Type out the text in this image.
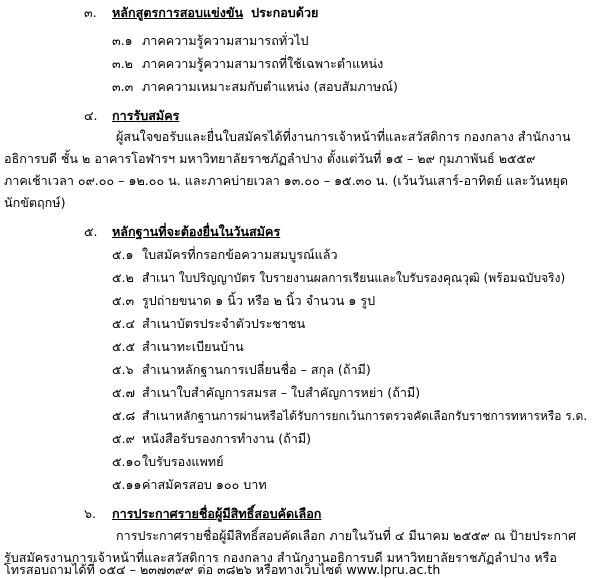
๓. หลักสูตรการสอบแข่งขัน ประกอบด้วย
๓.๑ ภาคความรู้ความสามารถทั่วไป
๓.๒ ภาคความรู้ความสามารถที่ใช้เฉพาะตำแหน่ง
๓.๓ ภาคความเหมาะสมกับตำแหน่ง (สอบสัมภาษณ์)
๔. การรับสมัคร
ผู้สนใจขอรับและยื่นใบสมัครได้ที่งานการเจ้าหน้าที่และสวัสดิการ กองกลาง สำนักงาน
อธิการบดี ชั้น ๒ อาคารโอฬารฯ มหาวิทยาลัยราชภัฏลำปาง ตั้งแต่วันที่ ๑๕ – ๒๙ กุมภาพันธ์ ๒๕๕๙
ภาคเช้าเวลา ๐๙.๐๐ – ๑๒.๐๐ น. และภาคบ่ายเวลา ๑๓.๐๐ – ๑๕.๓๐ น. (เว้นวันเสาร์-อาทิตย์ และวันหยุด
นักขัตฤกษ์)
๕. หลักฐานที่จะต้องยื่นในวันสมัคร
๕.๑ ใบสมัครที่กรอกข้อความสมบูรณ์แล้ว
๕.๒ สำเนา ใบปริญญาบัตร ใบรายงานผลการเรียนและใบรับรองคุณวุฒิ (พร้อมฉบับจริง)
๕.๓ รูปถ่ายขนาด ๑ นิ้ว หรือ ๒ นิ้ว จำนวน ๑ รูป
๕.๔ สำเนาบัตรประจำตัวประชาชน
๕.๕ สำเนาทะเบียนบ้าน
๕.๖ สำเนาหลักฐานการเปลี่ยนชื่อ – สกุล (ถ้ามี)
๕.๗ สำเนาใบสำคัญการสมรส – ใบสำคัญการหย่า (ถ้ามี)
๕.๘ สำเนาหลักฐานการผ่านหรือได้รับการยกเว้นการตรวจคัดเลือกรับราชการทหารหรือ ร.ด.
๕.๙ หนังสือรับรองการทำงาน (ถ้ามี)
๕.๑๐ ใบรับรองแพทย์
๕.๑๑ ค่าสมัครสอบ ๑๐๐ บาท
๖. การประกาศรายชื่อผู้มีสิทธิ์สอบคัดเลือก
การประกาศรายชื่อผู้มีสิทธิ์สอบคัดเลือก ภายในวันที่ ๔ มีนาคม ๒๕๕๙ ณ ป้ายประกาศ
รับสมัครงานการเจ้าหน้าที่และสวัสดิการ กองกลาง สำนักงานอธิการบดี มหาวิทยาลัยราชภัฏลำปาง หรือ
โทรสอบถามได้ที่ ๐๕๔ – ๒๓๗๓๙๙ ต่อ ๓๘๒๖ หรือทางเว็บไซต์ www.lpru.ac.th
